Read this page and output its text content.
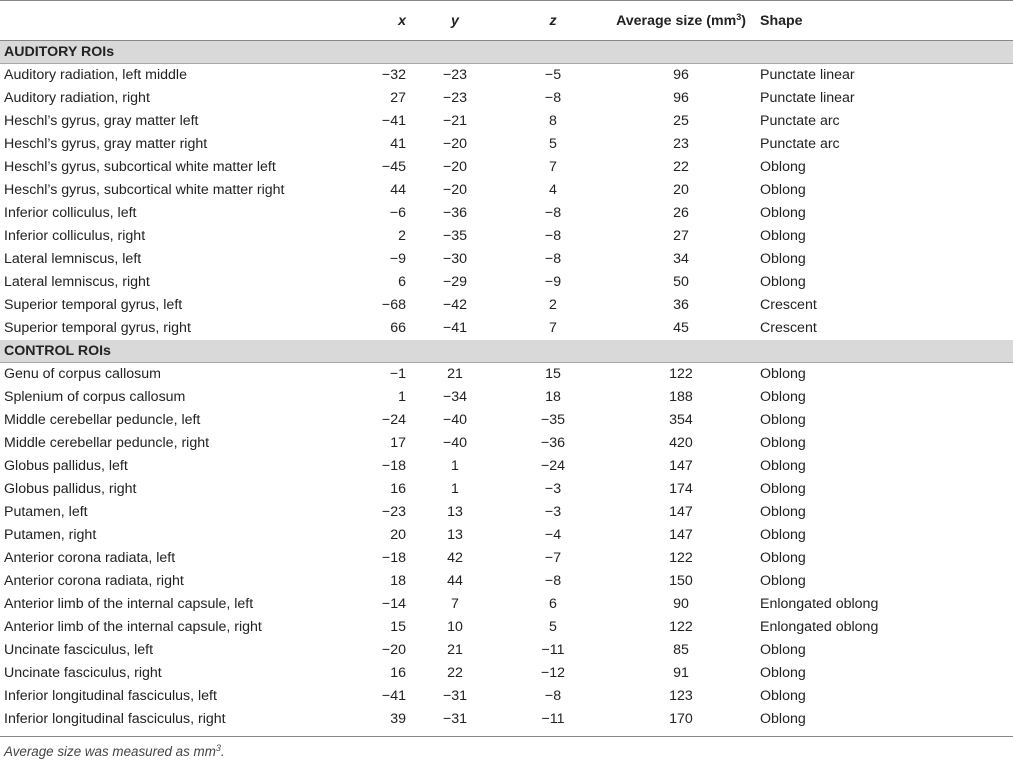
	x	y	z	Average size $(mm^3)$	Shape
AUDITORY ROIs					
Auditory radiation, left middle	−32	−23	−5	96	Punctate linear
Auditory radiation, right	27	−23	−8	96	Punctate linear
Heschl’s gyrus, gray matter left	−41	−21	8	25	Punctate arc
Heschl’s gyrus, gray matter right	41	−20	5	23	Punctate arc
Heschl’s gyrus, subcortical white matter left	−45	−20	7	22	Oblong
Heschl’s gyrus, subcortical white matter right	44	−20	4	20	Oblong
Inferior colliculus, left	−6	−36	−8	26	Oblong
Inferior colliculus, right	2	−35	−8	27	Oblong
Lateral lemniscus, left	−9	−30	−8	34	Oblong
Lateral lemniscus, right	6	−29	−9	50	Oblong
Superior temporal gyrus, left	−68	−42	2	36	Crescent
Superior temporal gyrus, right	66	−41	7	45	Crescent
CONTROL ROIs					
Genu of corpus callosum	−1	21	15	122	Oblong
Splenium of corpus callosum	1	−34	18	188	Oblong
Middle cerebellar peduncle, left	−24	−40	−35	354	Oblong
Middle cerebellar peduncle, right	17	−40	−36	420	Oblong
Globus pallidus, left	−18	1	−24	147	Oblong
Globus pallidus, right	16	1	−3	174	Oblong
Putamen, left	−23	13	−3	147	Oblong
Putamen, right	20	13	−4	147	Oblong
Anterior corona radiata, left	−18	42	−7	122	Oblong
Anterior corona radiata, right	18	44	−8	150	Oblong
Anterior limb of the internal capsule, left	−14	7	6	90	Enlongated oblong
Anterior limb of the internal capsule, right	15	10	5	122	Enlongated oblong
Uncinate fasciculus, left	−20	21	−11	85	Oblong
Uncinate fasciculus, right	16	22	−12	91	Oblong
Inferior longitudinal fasciculus, left	−41	−31	−8	123	Oblong
Inferior longitudinal fasciculus, right	39	−31	−11	170	Oblong
Average size was measured as $mm^3$.
